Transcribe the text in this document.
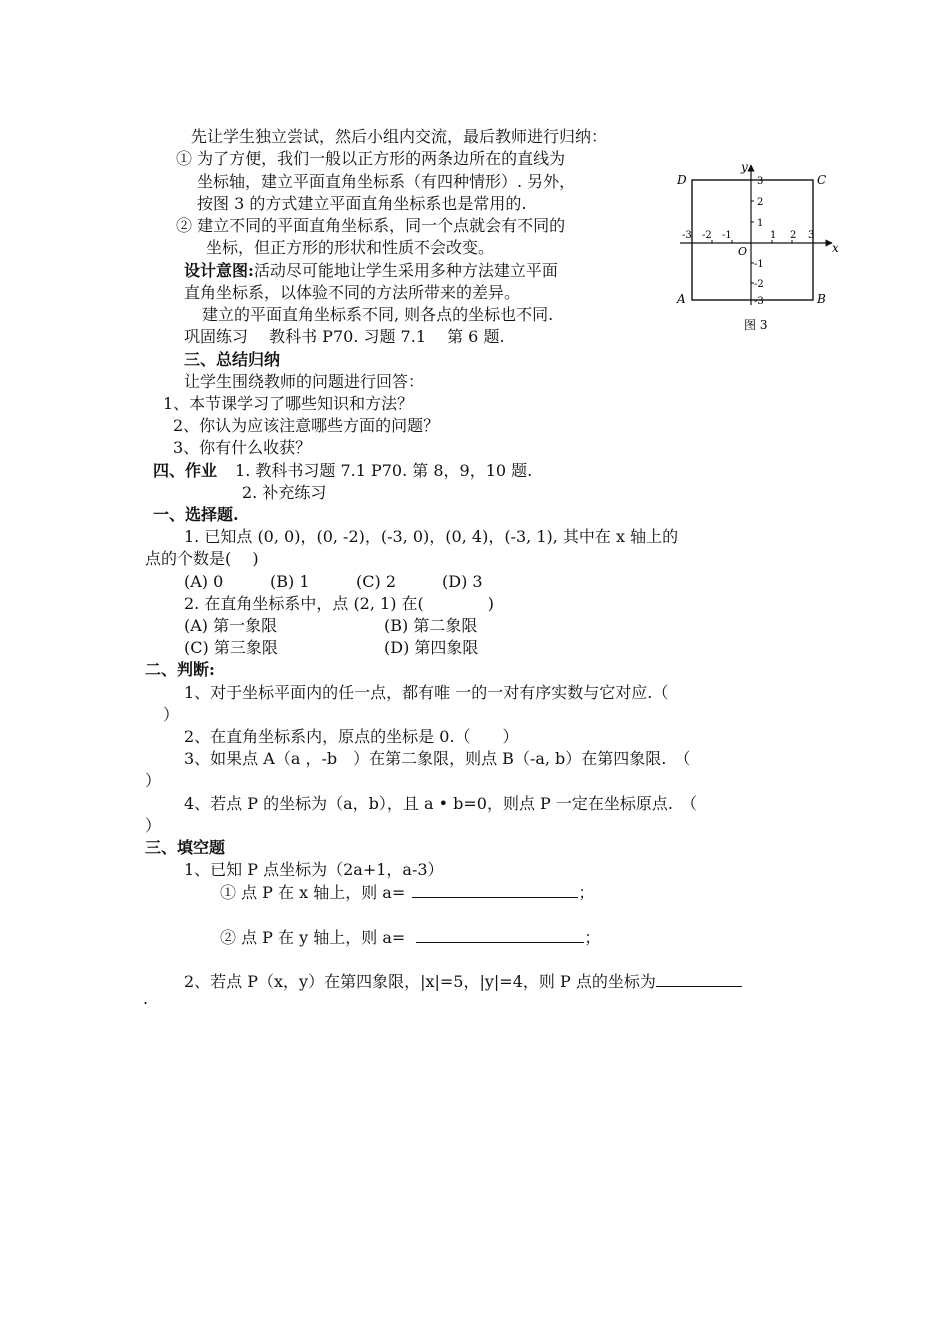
先让学生独立尝试，然后小组内交流，最后教师进行归纳：
① 为了方便，我们一般以正方形的两条边所在的直线为
坐标轴，建立平面直角坐标系（有四种情形）. 另外，
按图 3 的方式建立平面直角坐标系也是常用的.
② 建立不同的平面直角坐标系，同一个点就会有不同的
坐标，但正方形的形状和性质不会改变。
设计意图:活动尽可能地让学生采用多种方法建立平面
直角坐标系，以体验不同的方法所带来的差异。
建立的平面直角坐标系不同, 则各点的坐标也不同.
巩固练习　 教科书 P70. 习题 7.1　 第 6 题.
y
x
O
D	C
A	B
3
2
1
-1
-2
-3
-3 -2 -1	1 2 3
图 3
三、总结归纳
让学生围绕教师的问题进行回答：
1、本节课学习了哪些知识和方法？
2、你认为应该注意哪些方面的问题？
3、你有什么收获？
四、作业 1. 教科书习题 7.1 P70. 第 8，9，10 题.
2. 补充练习
一、选择题.
1. 已知点 (0, 0)，(0, -2)，(-3, 0)，(0, 4)，(-3, 1), 其中在 x 轴上的
点的个数是(　 )
(A) 0	(B) 1	(C) 2	(D) 3
2. 在直角坐标系中，点 (2, 1) 在(　　　　)
(A) 第一象限	(B) 第二象限
(C) 第三象限	(D) 第四象限
二、判断:
1、对于坐标平面内的任一点，都有唯 一的一对有序实数与它对应.（
）
2、在直角坐标系内，原点的坐标是 0.（　　）
3、如果点 A（a ，-b　）在第二象限，则点 B（-a, b）在第四象限.　（
）
4、若点 P 的坐标为（a，b），且 a • b=0，则点 P 一定在坐标原点.　（
）
三、填空题
1、已知 P 点坐标为（2a+1，a-3）
① 点 P 在 x 轴上，则 a=	；
② 点 P 在 y 轴上，则 a=	；
2、若点 P（x，y）在第四象限，|x|=5，|y|=4，则 P 点的坐标为
.
